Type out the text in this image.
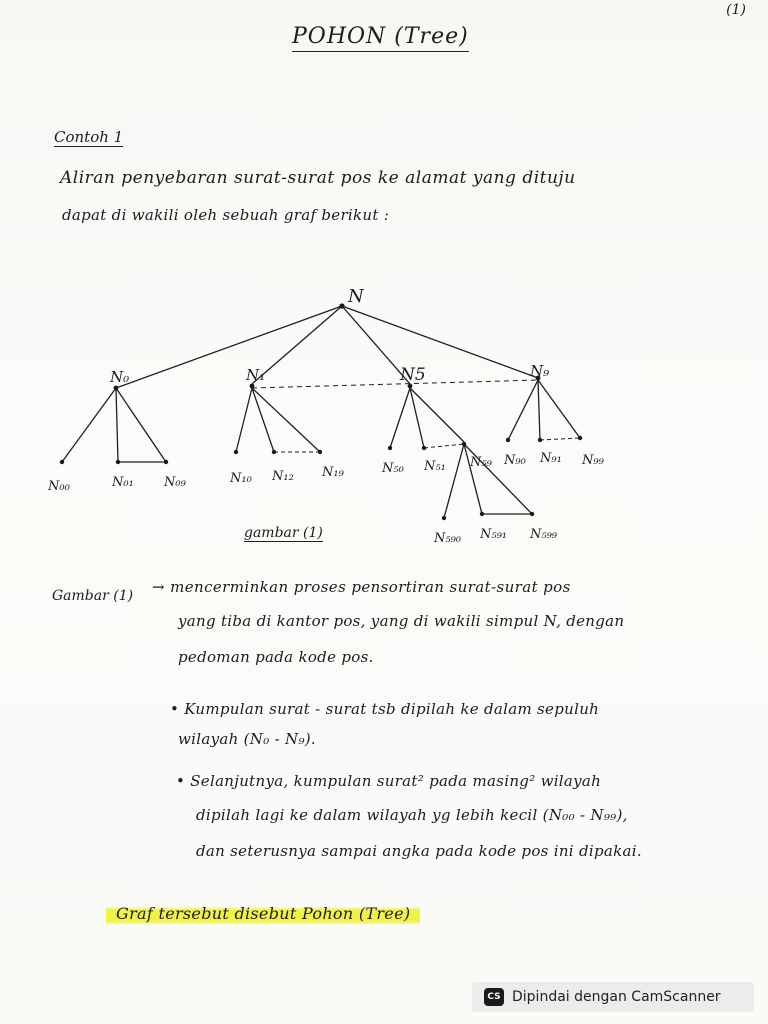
(1)
POHON (Tree)
Contoh 1
Aliran penyebaran surat-surat pos ke alamat yang dituju
dapat di wakili oleh sebuah graf berikut :
N
N₀	N₁	N5	N₉
N₀₀	N₀₁ N₀₉	N₁₀ N₁₂ N₁₉	N₅₀ N₅₁ N₅₉ N₉₀ N₉₁ N₉₉
N₅₉₀ N₅₉₁ N₅₉₉
gambar (1)
Gambar (1) → mencerminkan proses pensortiran surat-surat pos
yang tiba di kantor pos, yang di wakili simpul N, dengan
pedoman pada kode pos.
• Kumpulan surat - surat tsb dipilah ke dalam sepuluh
wilayah (N₀ - N₉).
• Selanjutnya, kumpulan surat² pada masing² wilayah
dipilah lagi ke dalam wilayah yg lebih kecil (N₀₀ - N₉₉),
dan seterusnya sampai angka pada kode pos ini dipakai.
Graf tersebut disebut Pohon (Tree)
CS Dipindai dengan CamScanner
